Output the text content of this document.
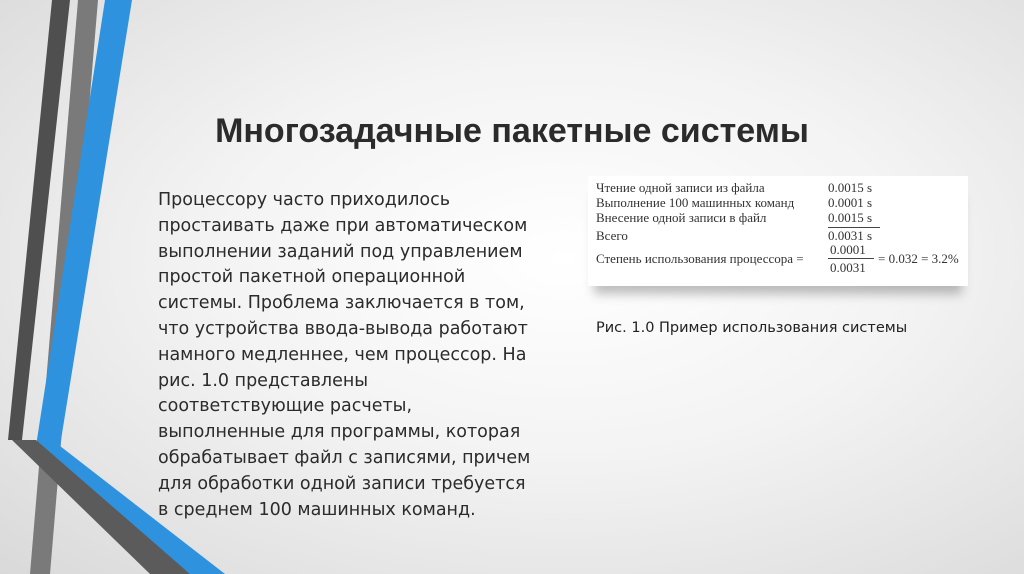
Многозадачные пакетные системы
Процессору часто приходилось
простаивать даже при автоматическом
выполнении заданий под управлением
простой пакетной операционной
системы. Проблема заключается в том,
что устройства ввода-вывода работают
намного медленнее, чем процессор. На
рис. 1.0 представлены
соответствующие расчеты,
выполненные для программы, которая
обрабатывает файл с записями, причем
для обработки одной записи требуется
в среднем 100 машинных команд.
Чтение одной записи из файла	0.0015 s
Выполнение 100 машинных команд	0.0001 s
Внесение одной записи в файл	0.0015 s
Всего	0.0031 s
Степень использования процессора =
0.0001
0.0031
= 0.032 = 3.2%
Рис. 1.0 Пример использования системы
